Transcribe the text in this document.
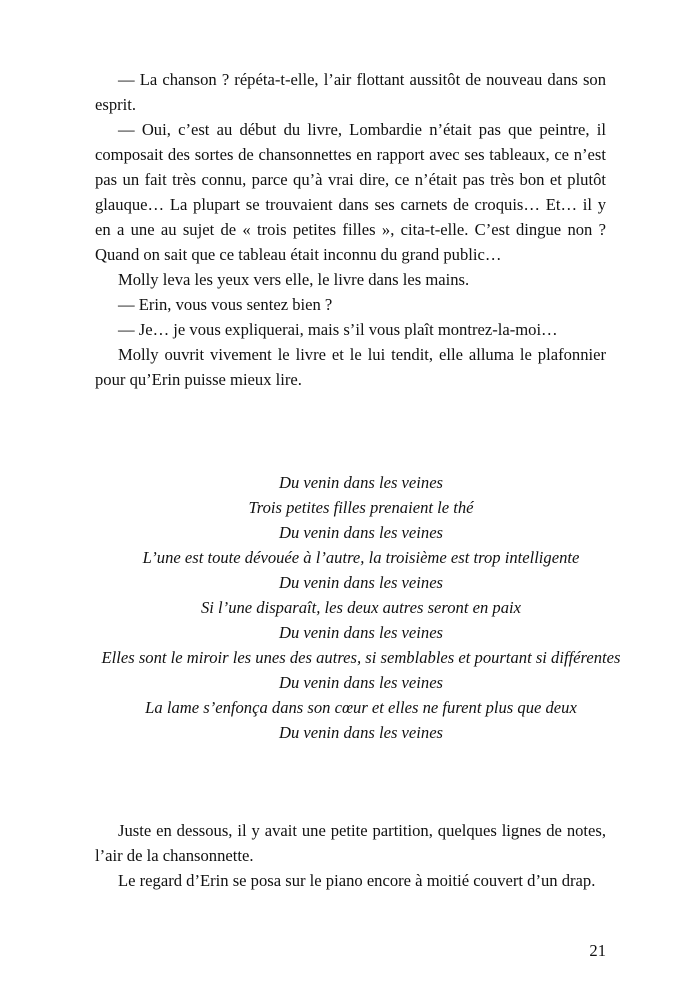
— La chanson ? répéta-t-elle, l’air flottant aussitôt de nouveau dans son esprit.

— Oui, c’est au début du livre, Lombardie n’était pas que peintre, il composait des sortes de chansonnettes en rapport avec ses tableaux, ce n’est pas un fait très connu, parce qu’à vrai dire, ce n’était pas très bon et plutôt glauque… La plupart se trouvaient dans ses carnets de croquis… Et… il y en a une au sujet de « trois petites filles », cita-t-elle. C’est dingue non ? Quand on sait que ce tableau était inconnu du grand public…

Molly leva les yeux vers elle, le livre dans les mains.

— Erin, vous vous sentez bien ?

— Je… je vous expliquerai, mais s’il vous plaît montrez-la-moi…

Molly ouvrit vivement le livre et le lui tendit, elle alluma le plafonnier pour qu’Erin puisse mieux lire.

Du venin dans les veines
Trois petites filles prenaient le thé
Du venin dans les veines
L’une est toute dévouée à l’autre, la troisième est trop intelligente
Du venin dans les veines
Si l’une disparaît, les deux autres seront en paix
Du venin dans les veines
Elles sont le miroir les unes des autres, si semblables et pourtant si différentes
Du venin dans les veines
La lame s’enfonça dans son cœur et elles ne furent plus que deux
Du venin dans les veines

Juste en dessous, il y avait une petite partition, quelques lignes de notes, l’air de la chansonnette.

Le regard d’Erin se posa sur le piano encore à moitié couvert d’un drap.

21
